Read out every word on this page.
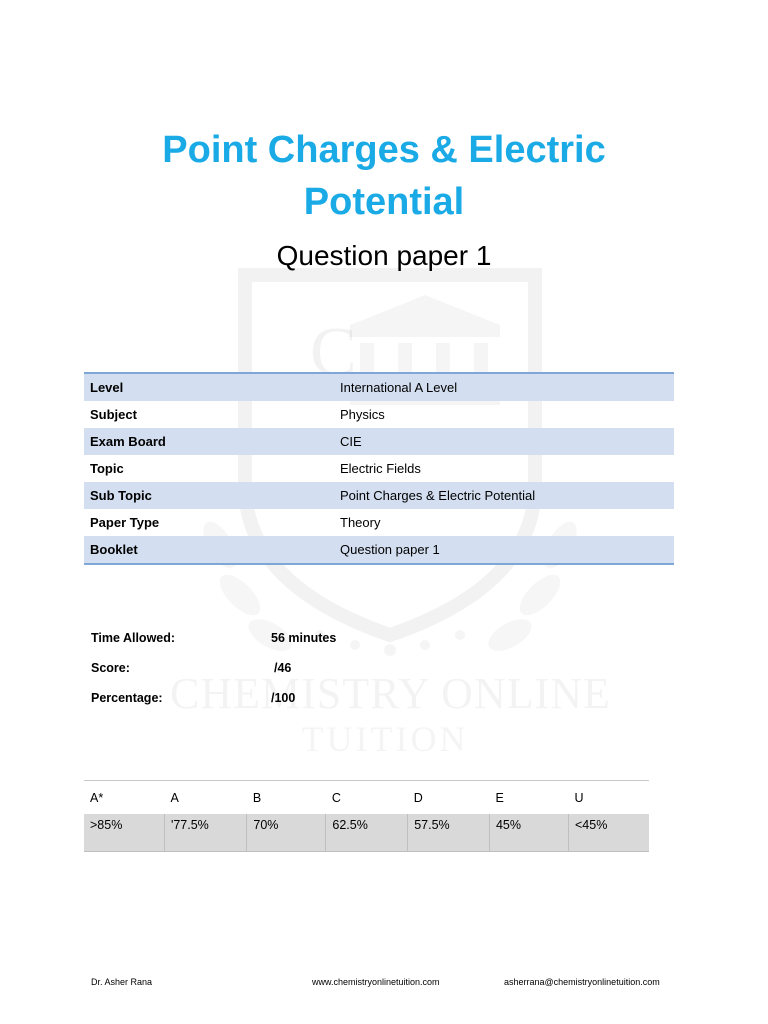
C
Point Charges & Electric
Potential
Question paper 1
Level	International A Level
Subject	Physics
Exam Board	CIE
Topic	Electric Fields
Sub Topic	Point Charges & Electric Potential
Paper Type	Theory
Booklet	Question paper 1
Time Allowed:	56 minutes
Score:	/46
Percentage:	/100
A*	A	B	C	D	E	U
>85%	'77.5%	70%	62.5%	57.5%	45%	<45%
Dr. Asher Rana	www.chemistryonlinetuition.com	asherrana@chemistryonlinetuition.com
